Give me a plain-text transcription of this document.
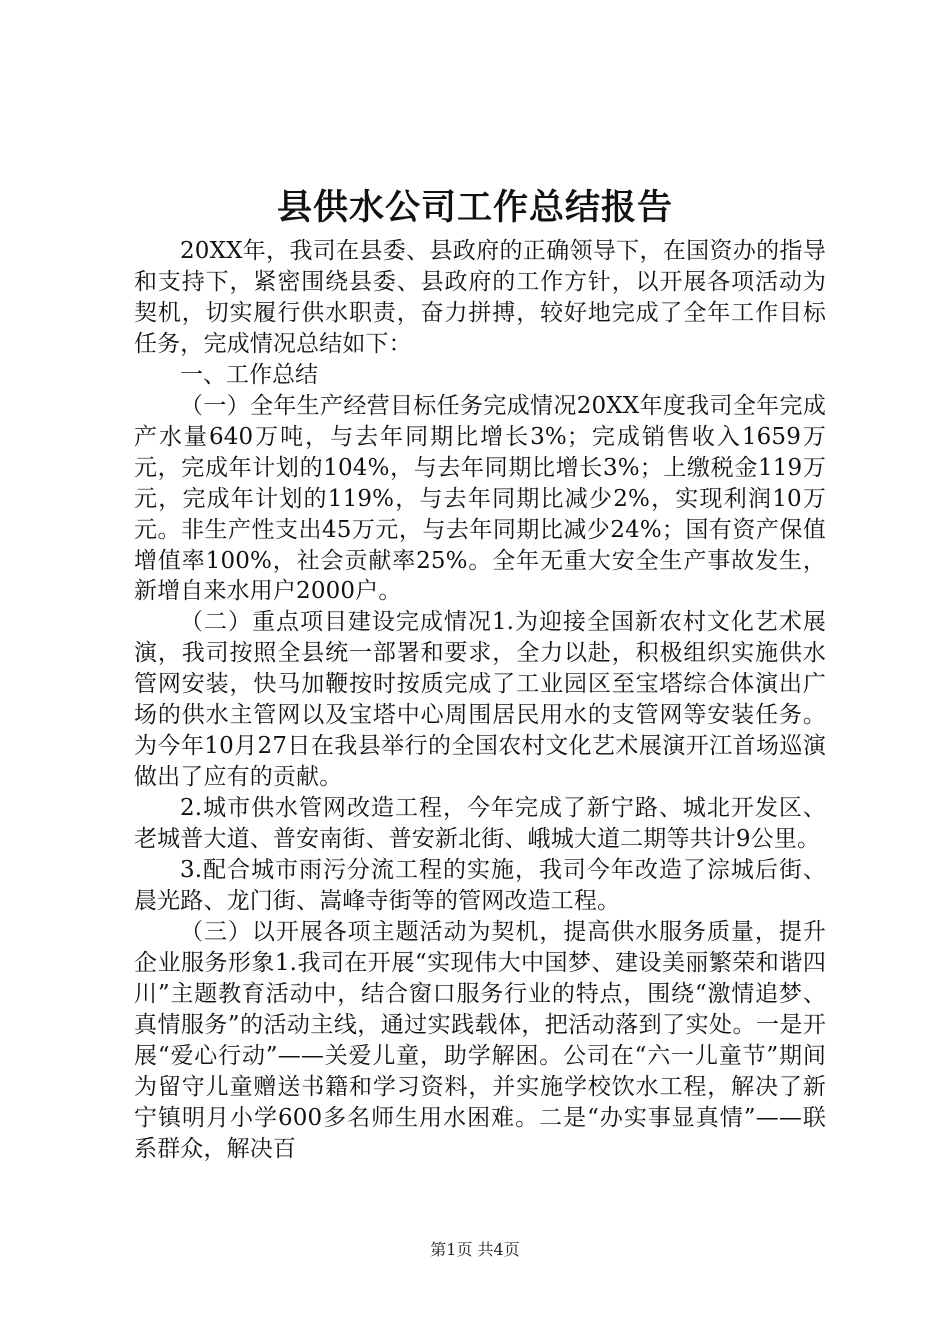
县供水公司工作总结报告

20XX年，我司在县委、县政府的正确领导下，在国资办的指导和支持下，紧密围绕县委、县政府的工作方针，以开展各项活动为契机，切实履行供水职责，奋力拼搏，较好地完成了全年工作目标任务，完成情况总结如下：

一、工作总结

（一）全年生产经营目标任务完成情况20XX年度我司全年完成产水量640万吨，与去年同期比增长3%；完成销售收入1659万元，完成年计划的104%，与去年同期比增长3%；上缴税金119万元，完成年计划的119%，与去年同期比减少2%，实现利润10万元。非生产性支出45万元，与去年同期比减少24%；国有资产保值增值率100%，社会贡献率25%。全年无重大安全生产事故发生，新增自来水用户2000户。

（二）重点项目建设完成情况1.为迎接全国新农村文化艺术展演，我司按照全县统一部署和要求，全力以赴，积极组织实施供水管网安装，快马加鞭按时按质完成了工业园区至宝塔综合体演出广场的供水主管网以及宝塔中心周围居民用水的支管网等安装任务。为今年10月27日在我县举行的全国农村文化艺术展演开江首场巡演做出了应有的贡献。

2.城市供水管网改造工程，今年完成了新宁路、城北开发区、老城普大道、普安南街、普安新北街、峨城大道二期等共计9公里。

3.配合城市雨污分流工程的实施，我司今年改造了淙城后街、晨光路、龙门街、嵩峰寺街等的管网改造工程。

（三）以开展各项主题活动为契机，提高供水服务质量，提升企业服务形象1.我司在开展“实现伟大中国梦、建设美丽繁荣和谐四川”主题教育活动中，结合窗口服务行业的特点，围绕“激情追梦、真情服务”的活动主线，通过实践载体，把活动落到了实处。一是开展“爱心行动”——关爱儿童，助学解困。公司在“六一儿童节”期间为留守儿童赠送书籍和学习资料，并实施学校饮水工程，解决了新宁镇明月小学600多名师生用水困难。二是“办实事显真情”——联系群众，解决百

第1页 共4页
